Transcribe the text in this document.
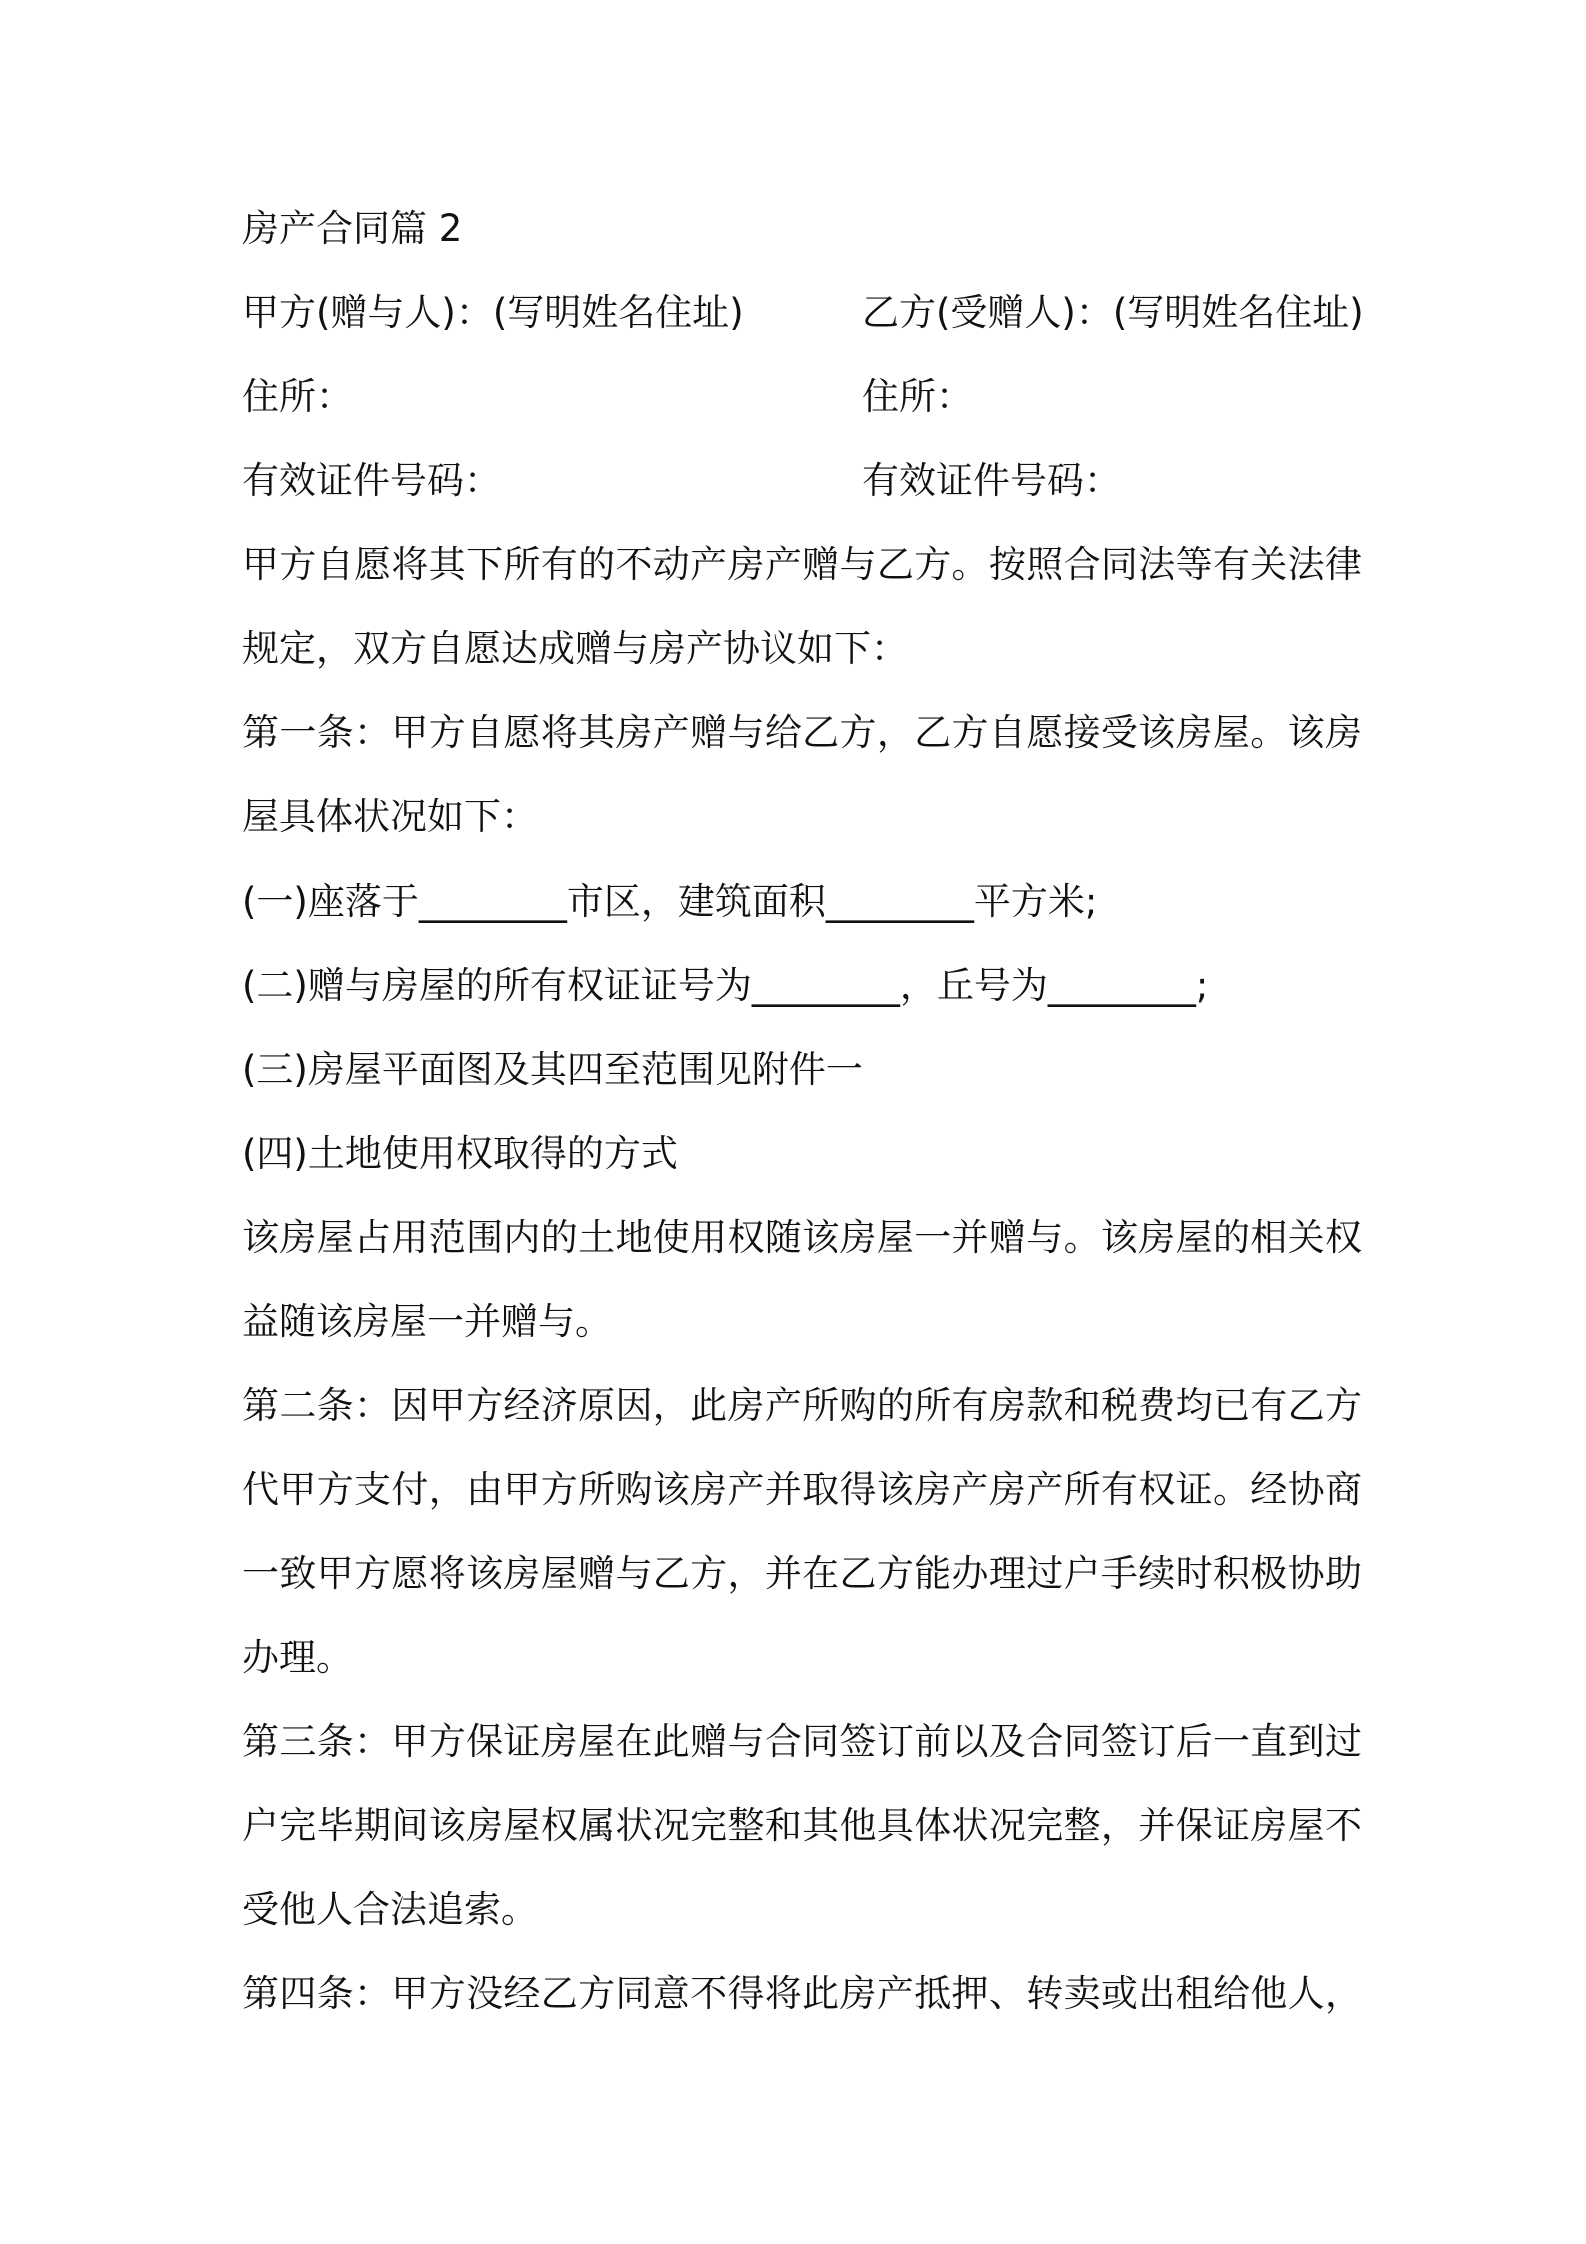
房产合同篇 2
甲方(赠与人)：(写明姓名住址)	乙方(受赠人)：(写明姓名住址)
住所：	住所：
有效证件号码：	有效证件号码：
甲方自愿将其下所有的不动产房产赠与乙方。按照合同法等有关法律
规定，双方自愿达成赠与房产协议如下：
第一条：甲方自愿将其房产赠与给乙方，乙方自愿接受该房屋。该房
屋具体状况如下：
(一)座落于________市区，建筑面积________平方米;
(二)赠与房屋的所有权证证号为________，丘号为________;
(三)房屋平面图及其四至范围见附件一
(四)土地使用权取得的方式
该房屋占用范围内的土地使用权随该房屋一并赠与。该房屋的相关权
益随该房屋一并赠与。
第二条：因甲方经济原因，此房产所购的所有房款和税费均已有乙方
代甲方支付，由甲方所购该房产并取得该房产房产所有权证。经协商
一致甲方愿将该房屋赠与乙方，并在乙方能办理过户手续时积极协助
办理。
第三条：甲方保证房屋在此赠与合同签订前以及合同签订后一直到过
户完毕期间该房屋权属状况完整和其他具体状况完整，并保证房屋不
受他人合法追索。
第四条：甲方没经乙方同意不得将此房产抵押、转卖或出租给他人，
